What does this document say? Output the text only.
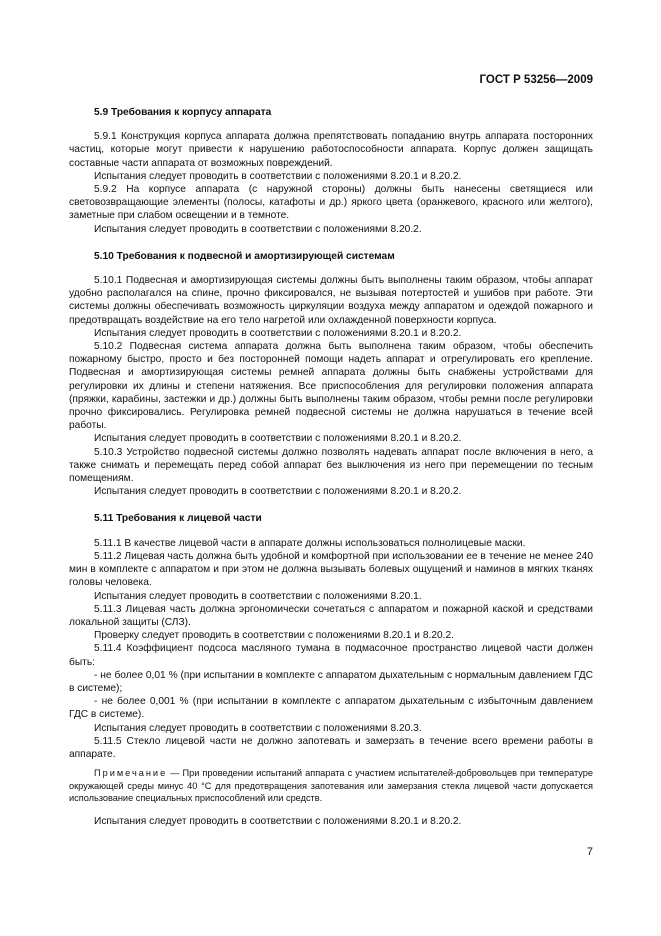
ГОСТ Р 53256—2009
5.9 Требования к корпусу аппарата

5.9.1 Конструкция корпуса аппарата должна препятствовать попаданию внутрь аппарата посторонних частиц, которые могут привести к нарушению работоспособности аппарата. Корпус должен защищать составные части аппарата от возможных повреждений.

Испытания следует проводить в соответствии с положениями 8.20.1 и 8.20.2.

5.9.2 На корпусе аппарата (с наружной стороны) должны быть нанесены светящиеся или световозвращающие элементы (полосы, катафоты и др.) яркого цвета (оранжевого, красного или желтого), заметные при слабом освещении и в темноте.

Испытания следует проводить в соответствии с положениями 8.20.2.

5.10 Требования к подвесной и амортизирующей системам

5.10.1 Подвесная и амортизирующая системы должны быть выполнены таким образом, чтобы аппарат удобно располагался на спине, прочно фиксировался, не вызывая потертостей и ушибов при работе. Эти системы должны обеспечивать возможность циркуляции воздуха между аппаратом и одеждой пожарного и предотвращать воздействие на его тело нагретой или охлажденной поверхности корпуса.

Испытания следует проводить в соответствии с положениями 8.20.1 и 8.20.2.

5.10.2 Подвесная система аппарата должна быть выполнена таким образом, чтобы обеспечить пожарному быстро, просто и без посторонней помощи надеть аппарат и отрегулировать его крепление. Подвесная и амортизирующая системы ремней аппарата должны быть снабжены устройствами для регулировки их длины и степени натяжения. Все приспособления для регулировки положения аппарата (пряжки, карабины, застежки и др.) должны быть выполнены таким образом, чтобы ремни после регулировки прочно фиксировались. Регулировка ремней подвесной системы не должна нарушаться в течение всей работы.

Испытания следует проводить в соответствии с положениями 8.20.1 и 8.20.2.

5.10.3 Устройство подвесной системы должно позволять надевать аппарат после включения в него, а также снимать и перемещать перед собой аппарат без выключения из него при перемещении по тесным помещениям.

Испытания следует проводить в соответствии с положениями 8.20.1 и 8.20.2.

5.11 Требования к лицевой части

5.11.1 В качестве лицевой части в аппарате должны использоваться полнолицевые маски.

5.11.2 Лицевая часть должна быть удобной и комфортной при использовании ее в течение не менее 240 мин в комплекте с аппаратом и при этом не должна вызывать болевых ощущений и наминов в мягких тканях головы человека.

Испытания следует проводить в соответствии с положениями 8.20.1.

5.11.3 Лицевая часть должна эргономически сочетаться с аппаратом и пожарной каской и средствами локальной защиты (СЛЗ).

Проверку следует проводить в соответствии с положениями 8.20.1 и 8.20.2.

5.11.4 Коэффициент подсоса масляного тумана в подмасочное пространство лицевой части должен быть:

- не более 0,01 % (при испытании в комплекте с аппаратом дыхательным с нормальным давлением ГДС в системе);

- не более 0,001 % (при испытании в комплекте с аппаратом дыхательным с избыточным давлением ГДС в системе).

Испытания следует проводить в соответствии с положениями 8.20.3.

5.11.5 Стекло лицевой части не должно запотевать и замерзать в течение всего времени работы в аппарате.

Примечание — При проведении испытаний аппарата с участием испытателей-добровольцев при температуре окружающей среды минус 40 °С для предотвращения запотевания или замерзания стекла лицевой части допускается использование специальных приспособлений или средств.

Испытания следует проводить в соответствии с положениями 8.20.1 и 8.20.2.

7
